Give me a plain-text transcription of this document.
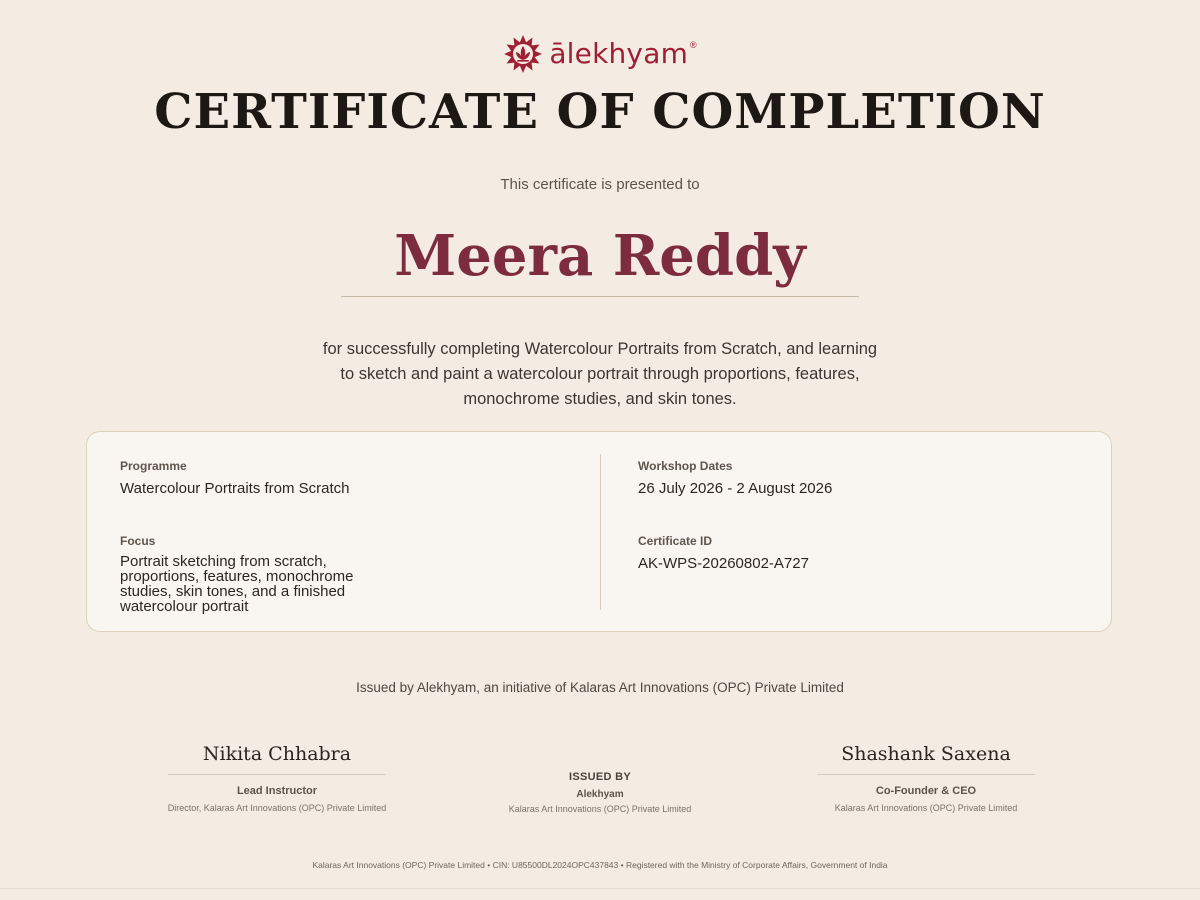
ālekhyam ®
CERTIFICATE OF COMPLETION
This certificate is presented to
Meera Reddy
for successfully completing Watercolour Portraits from Scratch, and learning to sketch and paint a watercolour portrait through proportions, features, monochrome studies, and skin tones.
Programme
Watercolour Portraits from Scratch
Focus
Portrait sketching from scratch, proportions, features, monochrome studies, skin tones, and a finished watercolour portrait
Workshop Dates
26 July 2026 - 2 August 2026
Certificate ID
AK-WPS-20260802-A727
Issued by Alekhyam, an initiative of Kalaras Art Innovations (OPC) Private Limited
Nikita Chhabra
Lead Instructor
Director, Kalaras Art Innovations (OPC) Private Limited
ISSUED BY
Alekhyam
Kalaras Art Innovations (OPC) Private Limited
Shashank Saxena
Co-Founder & CEO
Kalaras Art Innovations (OPC) Private Limited
Kalaras Art Innovations (OPC) Private Limited • CIN: U85500DL2024OPC437843 • Registered with the Ministry of Corporate Affairs, Government of India
